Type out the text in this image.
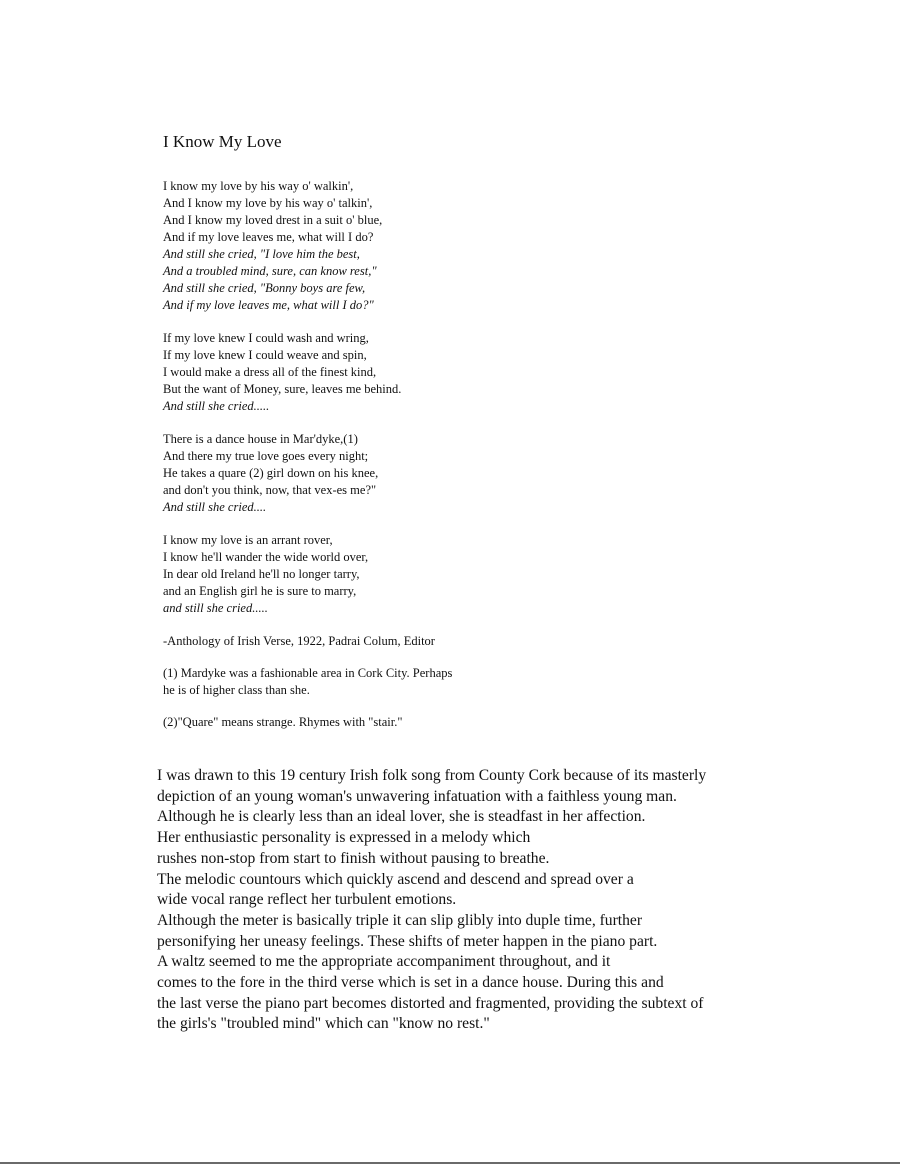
I Know My Love
I know my love by his way o' walkin',
And I know my love by his way o' talkin',
And I know my loved drest in a suit o' blue,
And if my love leaves me, what will I do?
And still she cried, "I love him the best,
And a troubled mind, sure, can know rest,"
And still she cried, "Bonny boys are few,
And if my love leaves me, what will I do?"
If my love knew I could wash and wring,
If my love knew I could weave and spin,
I would make a dress all of the finest kind,
But the want of Money, sure, leaves me behind.
And still she cried.....
There is a dance house in Mar'dyke,(1)
And there my true love goes every night;
He takes a quare (2) girl down on his knee,
and don't you think, now, that vex-es me?"
And still she cried....
I know my love is an arrant rover,
I know he'll wander the wide world over,
In dear old Ireland he'll no longer tarry,
and an English girl he is sure to marry,
and still she cried.....
-Anthology of Irish Verse, 1922, Padrai Colum, Editor
(1) Mardyke was a fashionable area in Cork City. Perhaps
he is of higher class than she.
(2)"Quare" means strange. Rhymes with "stair."
I was drawn to this 19 century Irish folk song from County Cork because of its masterly
depiction of an young woman's unwavering infatuation with a faithless young man.
Although he is clearly less than an ideal lover, she is steadfast in her affection.
Her enthusiastic personality is expressed in a melody which
rushes non-stop from start to finish without pausing to breathe.
The melodic countours which quickly ascend and descend and spread over a
wide vocal range reflect her turbulent emotions.
Although the meter is basically triple it can slip glibly into duple time, further
personifying her uneasy feelings. These shifts of meter happen in the piano part.
A waltz seemed to me the appropriate accompaniment throughout, and it
comes to the fore in the third verse which is set in a dance house. During this and
the last verse the piano part becomes distorted and fragmented, providing the subtext of
the girls's "troubled mind" which can "know no rest."
